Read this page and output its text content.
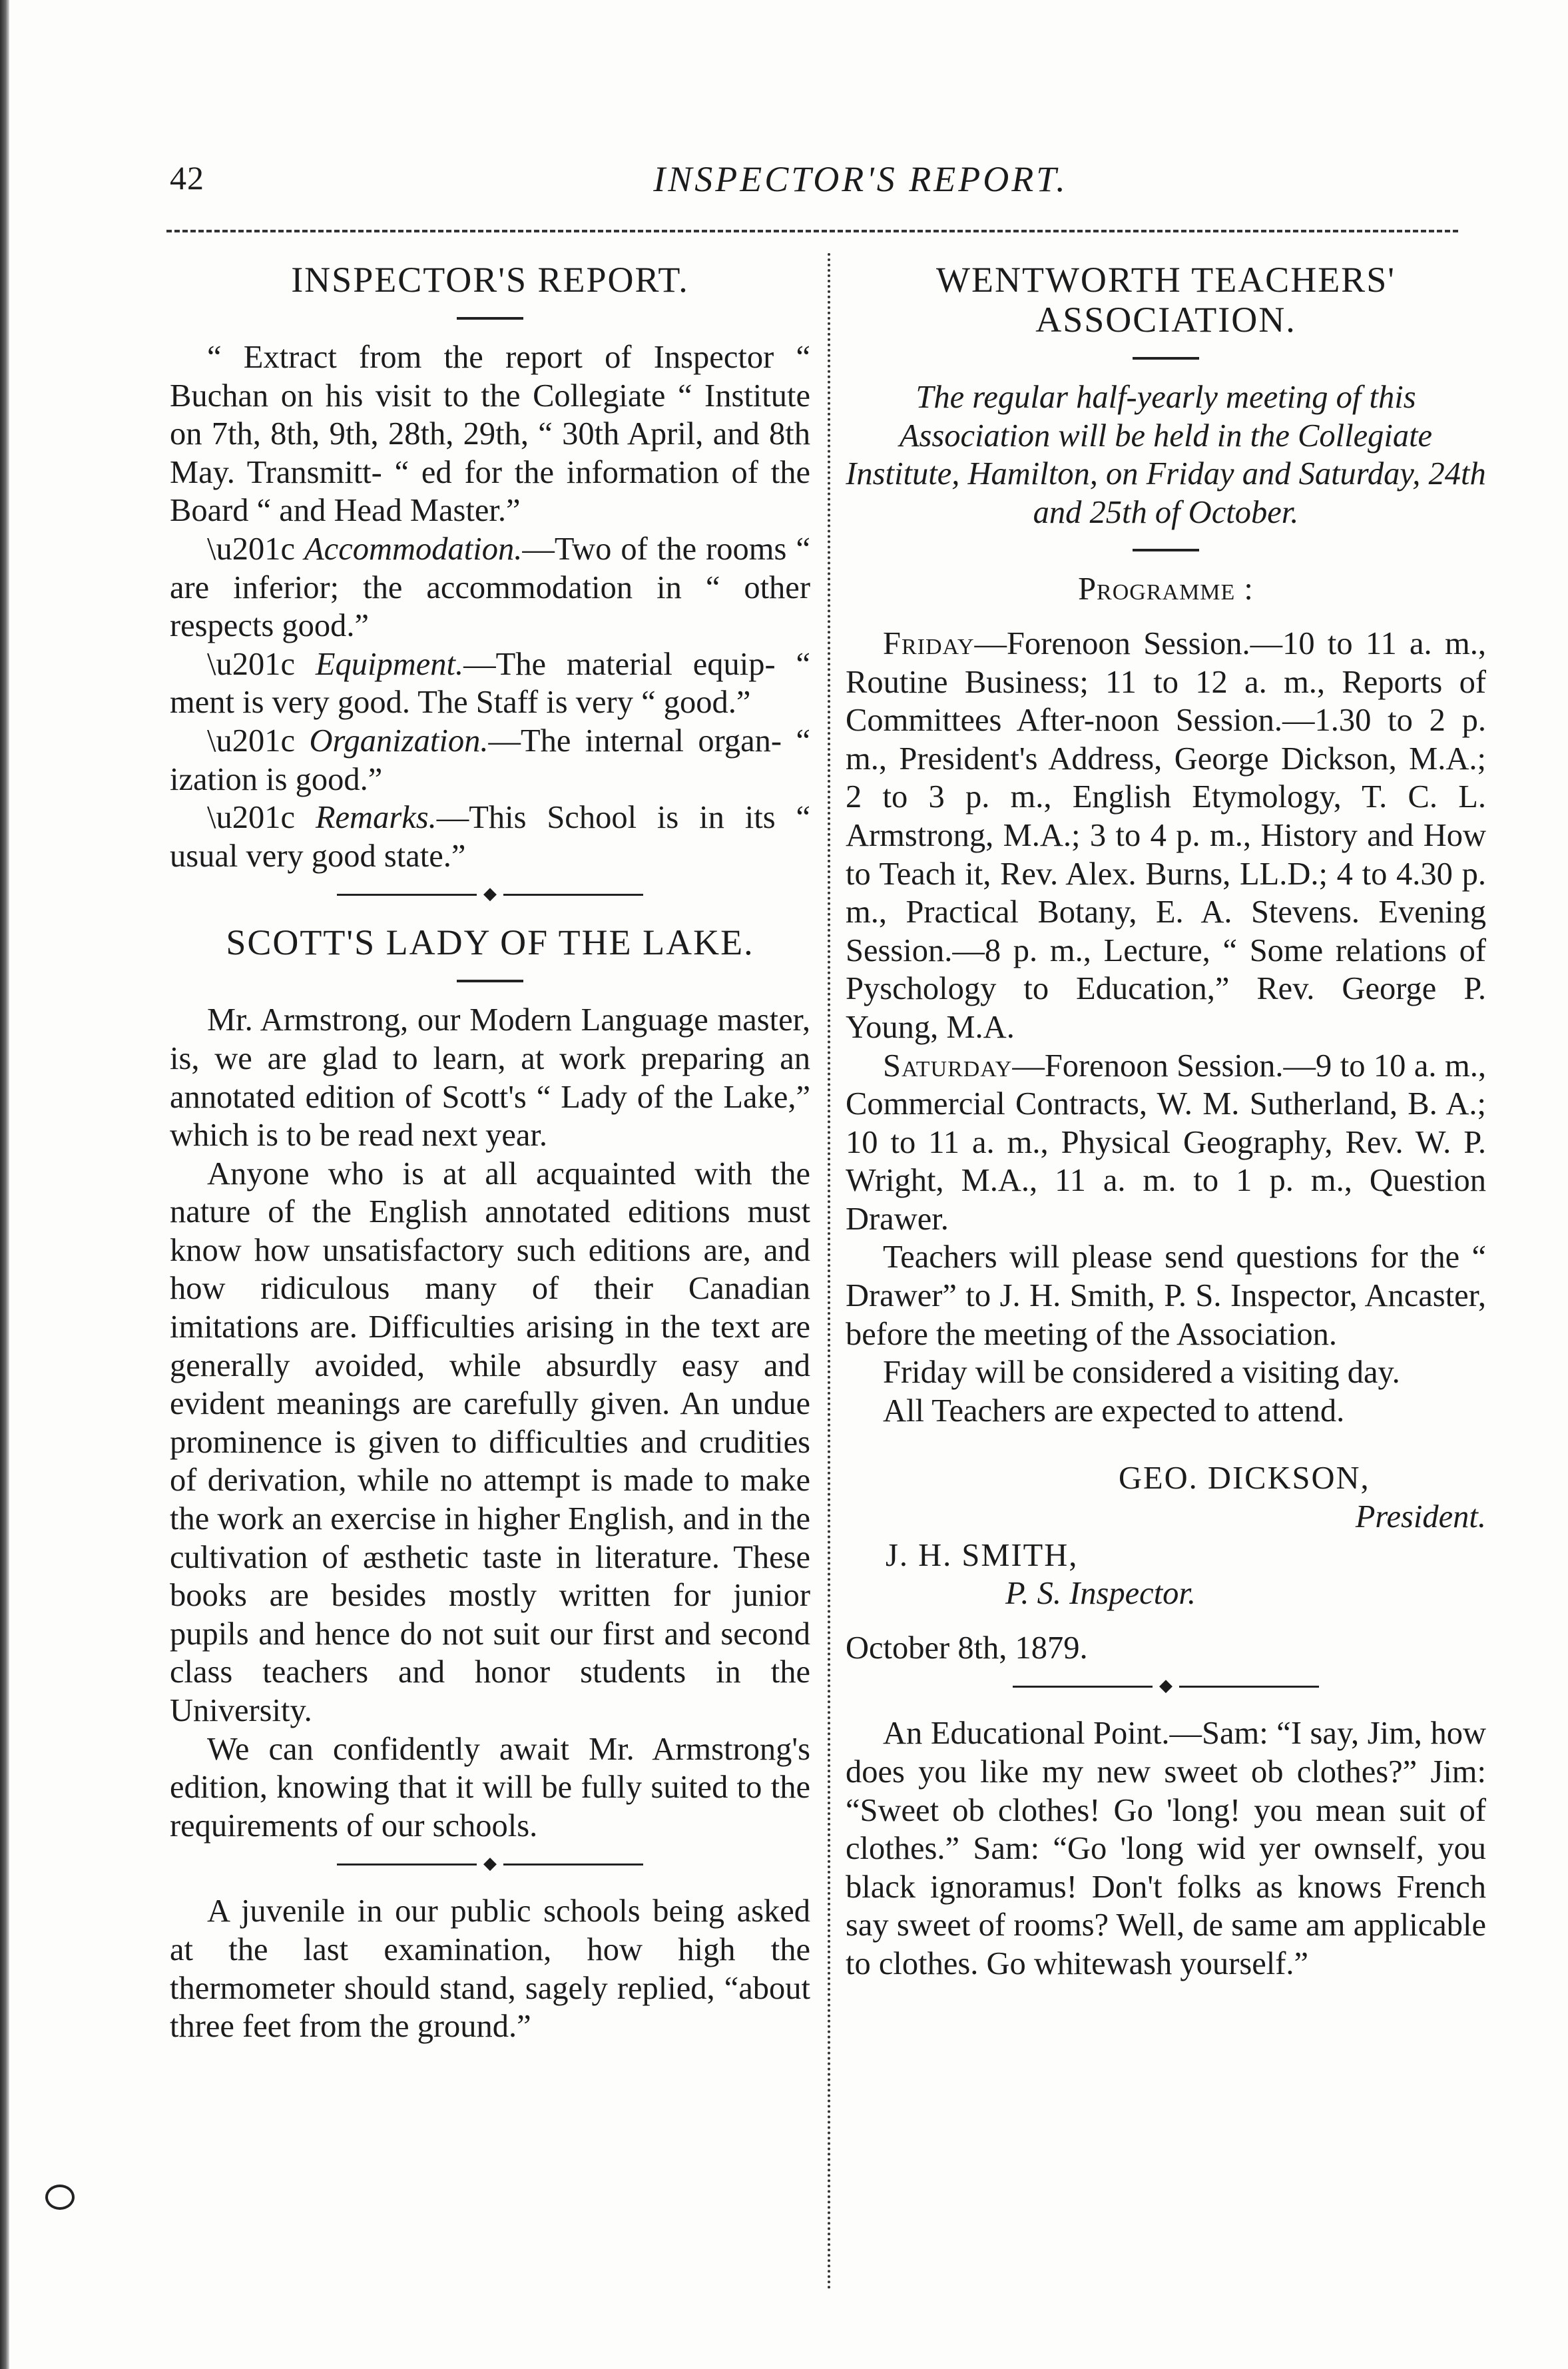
42	INSPECTOR'S REPORT.
INSPECTOR'S REPORT.

“ Extract from the report of Inspector “ Buchan on his visit to the Collegiate “ Institute on 7th, 8th, 9th, 28th, 29th, “ 30th April, and 8th May. Transmitt- “ ed for the information of the Board “ and Head Master.”

\u201c Accommodation.—Two of the rooms “ are inferior; the accommodation in “ other respects good.”

\u201c Equipment.—The material equip- “ ment is very good. The Staff is very “ good.”

\u201c Organization.—The internal organ- “ ization is good.”

\u201c Remarks.—This School is in its “ usual very good state.”

◆
SCOTT'S LADY OF THE LAKE.

Mr. Armstrong, our Modern Language master, is, we are glad to learn, at work preparing an annotated edition of Scott's “ Lady of the Lake,” which is to be read next year.

Anyone who is at all acquainted with the nature of the English annotated editions must know how unsatisfactory such editions are, and how ridiculous many of their Canadian imitations are. Difficulties arising in the text are generally avoided, while absurdly easy and evident meanings are carefully given. An undue prominence is given to difficulties and crudities of derivation, while no attempt is made to make the work an exercise in higher English, and in the cultivation of æsthetic taste in literature. These books are besides mostly written for junior pupils and hence do not suit our first and second class teachers and honor students in the University.

We can confidently await Mr. Armstrong's edition, knowing that it will be fully suited to the requirements of our schools.

◆

A juvenile in our public schools being asked at the last examination, how high the thermometer should stand, sagely replied, “about three feet from the ground.”

WENTWORTH TEACHERS' ASSOCIATION.

The regular half-yearly meeting of this Association will be held in the Collegiate Institute, Hamilton, on Friday and Saturday, 24th and 25th of October.

Programme :

Friday—Forenoon Session.—10 to 11 a. m., Routine Business; 11 to 12 a. m., Reports of Committees After-noon Session.—1.30 to 2 p. m., President's Address, George Dickson, M.A.; 2 to 3 p. m., English Etymology, T. C. L. Armstrong, M.A.; 3 to 4 p. m., History and How to Teach it, Rev. Alex. Burns, LL.D.; 4 to 4.30 p. m., Practical Botany, E. A. Stevens. Evening Session.—8 p. m., Lecture, “ Some relations of Pyschology to Education,” Rev. George P. Young, M.A.

Saturday—Forenoon Session.—9 to 10 a. m., Commercial Contracts, W. M. Sutherland, B. A.; 10 to 11 a. m., Physical Geography, Rev. W. P. Wright, M.A., 11 a. m. to 1 p. m., Question Drawer.

Teachers will please send questions for the “ Drawer” to J. H. Smith, P. S. Inspector, Ancaster, before the meeting of the Association.

Friday will be considered a visiting day.

All Teachers are expected to attend.

GEO. DICKSON,

President.

J. H. SMITH,

P. S. Inspector.

October 8th, 1879.

◆

An Educational Point.—Sam: “I say, Jim, how does you like my new sweet ob clothes?” Jim: “Sweet ob clothes! Go 'long! you mean suit of clothes.” Sam: “Go 'long wid yer ownself, you black ignoramus! Don't folks as knows French say sweet of rooms? Well, de same am applicable to clothes. Go whitewash yourself.”
